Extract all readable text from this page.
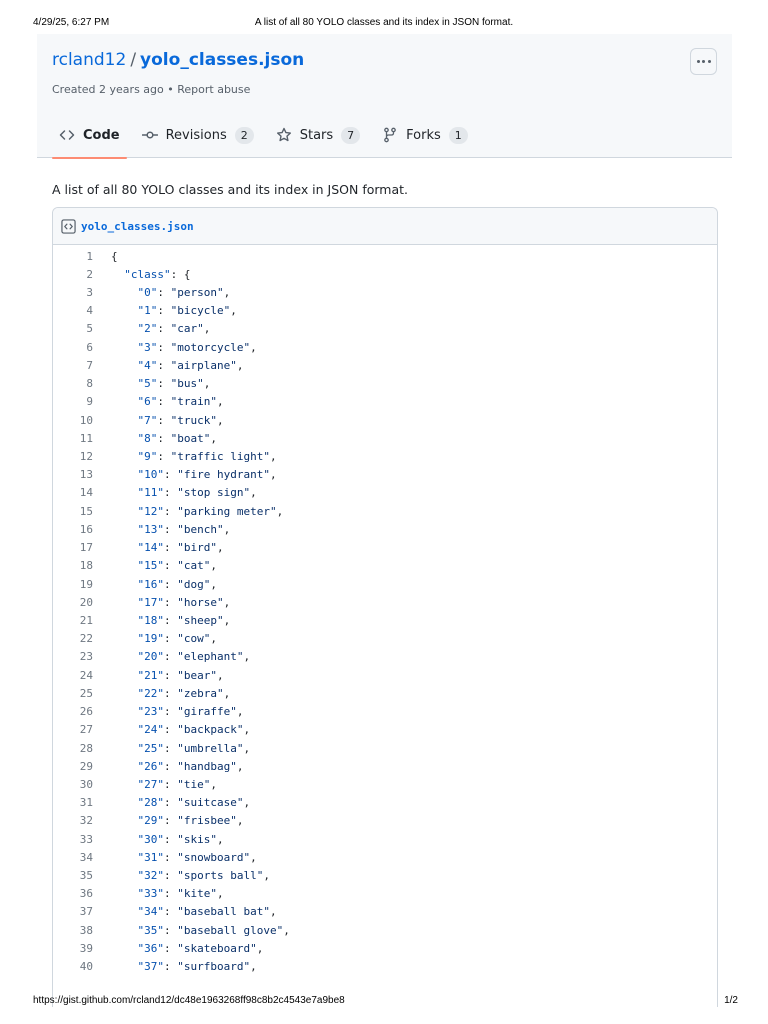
4/29/25, 6:27 PM	A list of all 80 YOLO classes and its index in JSON format.
rcland12 / yolo_classes.json
Created 2 years ago • Report abuse
Code	Revisions	2	Stars	7	Forks	1
A list of all 80 YOLO classes and its index in JSON format.
yolo_classes.json
1 {
2	"class": {
3	"0": "person",
4	"1": "bicycle",
5	"2": "car",
6	"3": "motorcycle",
7	"4": "airplane",
8	"5": "bus",
9	"6": "train",
10	"7": "truck",
11	"8": "boat",
12	"9": "traffic light",
13	"10": "fire hydrant",
14	"11": "stop sign",
15	"12": "parking meter",
16	"13": "bench",
17	"14": "bird",
18	"15": "cat",
19	"16": "dog",
20	"17": "horse",
21	"18": "sheep",
22	"19": "cow",
23	"20": "elephant",
24	"21": "bear",
25	"22": "zebra",
26	"23": "giraffe",
27	"24": "backpack",
28	"25": "umbrella",
29	"26": "handbag",
30	"27": "tie",
31	"28": "suitcase",
32	"29": "frisbee",
33	"30": "skis",
34	"31": "snowboard",
35	"32": "sports ball",
36	"33": "kite",
37	"34": "baseball bat",
38	"35": "baseball glove",
39	"36": "skateboard",
40	"37": "surfboard",
https://gist.github.com/rcland12/dc48e1963268ff98c8b2c4543e7a9be8	1/2
